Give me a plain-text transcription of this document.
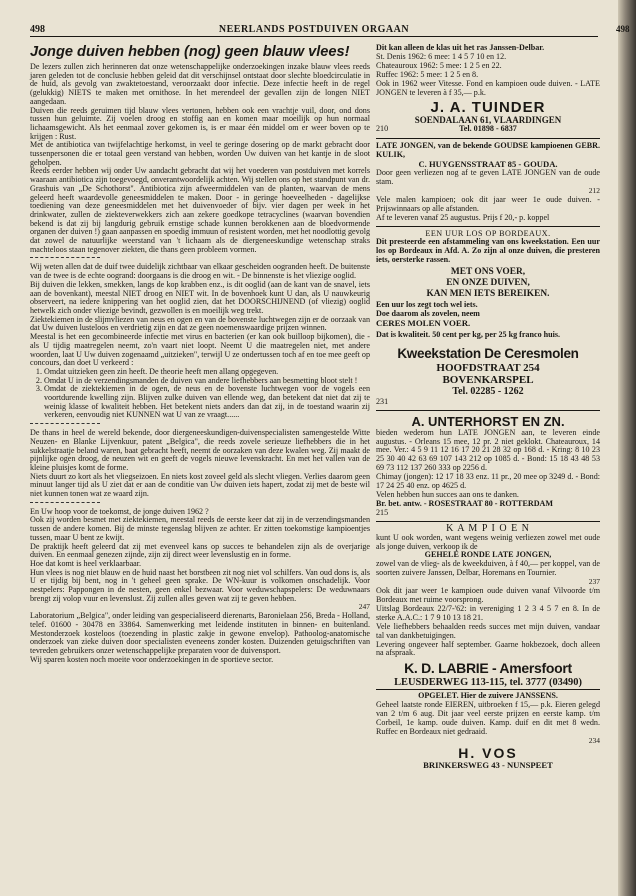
498	NEERLANDS POSTDUIVEN ORGAAN
Jonge duiven hebben (nog) geen blauw vlees!

De lezers zullen zich herinneren dat onze wetenschappelijke onderzoekingen inzake blauw vlees reeds jaren geleden tot de conclusie hebben geleid dat dit verschijnsel ontstaat door slechte bloedcirculatie in de huid, als gevolg van zwaktetoestand, veroorzaakt door infectie. Deze infectie heeft in de regel (gelukkig) NIETS te maken met ornithose. In het merendeel der gevallen zijn de longen NIET aangedaan.

Duiven die reeds geruimen tijd blauw vlees vertonen, hebben ook een vrachtje vuil, door, ond dons tussen hun geluimte. Zij voelen droog en stoffig aan en komen maar moeilijk op hun normaal lichaamsgewicht. Als het eenmaal zover gekomen is, is er maar één middel om er weer boven op te krijgen : Rust.

Met de antibiotica van twijfelachtige herkomst, in veel te geringe dosering op de markt gebracht door tussenpersonen die er totaal geen verstand van hebben, worden Uw duiven van het kantje in de sloot geholpen.

Reeds eerder hebben wij onder Uw aandacht gebracht dat wij het voederen van postduiven met korrels waaraan antibiotica zijn toegevoegd, onverantwoordelijk achten. Wij stellen ons op het standpunt van dr. Grashuis van „De Schothorst". Antibiotica zijn afweermiddelen van de planten, waarvan de mens geleerd heeft waardevolle geneesmiddelen te maken. Door - in geringe hoeveelheden - dagelijkse toediening van deze geneesmiddelen met het duivenvoeder of bijv. vier dagen per week in het drinkwater, zullen de ziekteverwekkers zich aan zekere goedkope tetracyclines (waarvan bovendien bekend is dat zij bij langdurig gebruik ernstige schade kunnen berokkenen aan de bloedvormende organen der duiven !) gaan aanpassen en spoedig immuun of resistent worden, met het noodlottig gevolg dat zowel de natuurlijke weerstand van 't lichaam als de diergeneeskundige wetenschap straks machteloos staan tegenover ziekten, die thans geen probleem vormen.

Wij weten allen dat de duif twee duidelijk zichtbaar van elkaar gescheiden oogranden heeft. De buitenste van de twee is de echte oogrand: doorgaans is die droog en wit. - De binnenste is het vliezige ooglid.

Bij duiven die lekken, smekken, langs de kop krabben enz., is dit ooglid (aan de kant van de snavel, iets aan de bovenkant), meestal NIET droog en NIET wit. In de bovenhoek kunt U dan, als U nauwkeurig observeert, na iedere knippering van het ooglid zien, dat het DOORSCHIJNEND (of vliezig) ooglid hetwelk zich onder vliezige bevindt, gezwollen is en moeilijk weg trekt.

Ziektekiemen in de slijmvliezen van neus en ogen en van de bovenste luchtwegen zijn er de oorzaak van dat Uw duiven lusteloos en verdrietig zijn en dat ze geen noemenswaardige prijzen winnen.

Meestal is het een gecombineerde infectie met virus en bacterien (er kan ook builloop bijkomen), die - als U tijdig maatregelen neemt, zo'n vaart niet loopt. Neemt U die maatregelen niet, met andere woorden, laat U Uw duiven zogenaamd „uitzieken", terwijl U ze ondertussen toch af en toe mee geeft op concours, dan doet U verkeerd :

1. Omdat uitzieken geen zin heeft. De theorie heeft men allang opgegeven.
2. Omdat U in de verzendingsmanden de duiven van andere liefhebbers aan besmetting bloot stelt !
3. Omdat de ziektekiemen in de ogen, de neus en de bovenste luchtwegen voor de vogels een voortdurende kwelling zijn. Blijven zulke duiven van ellende weg, dan betekent dat niet dat zij te weinig klasse of kwaliteit hebben. Het betekent niets anders dan dat zij, in de toestand waarin zij verkeren, eenvoudig niet KUNNEN wat U van ze vraagt......

De thans in heel de wereld bekende, door diergeneeskundigen-duivenspecialisten samengestelde Witte Neuzen- en Blanke Lijvenkuur, patent „Belgica", die reeds zovele serieuze liefhebbers die in het sukkelstraatje beland waren, baat gebracht heeft, neemt de oorzaken van deze kwalen weg. Zij maakt de pijnlijke ogen droog, de neuzen wit en geeft de vogels nieuwe levenskracht. En met het vallen van de kleine pluisjes komt de forme.

Niets duurt zo kort als het vliegseizoen. En niets kost zoveel geld als slecht vliegen. Verlies daarom geen minuut langer tijd als U ziet dat er aan de conditie van Uw duiven iets hapert, zodat zij met de beste wil niet kunnen tonen wat ze waard zijn.

En Uw hoop voor de toekomst, de jonge duiven 1962 ?

Ook zij worden besmet met ziektekiemen, meestal reeds de eerste keer dat zij in de verzendingsmanden tussen de andere komen. Bij de minste tegenslag blijven ze achter. Er zitten toekomstige kampioentjes tussen, maar U bent ze kwijt.

De praktijk heeft geleerd dat zij met evenveel kans op succes te behandelen zijn als de overjarige duiven. En eenmaal genezen zijnde, zijn zij direct weer levenslustig en in forme.

Hoe dat komt is heel verklaarbaar.

Hun vlees is nog niet blauw en de huid naast het borstbeen zit nog niet vol schilfers. Van oud dons is, als U er tijdig bij bent, nog in 't geheel geen sprake. De WN-kuur is volkomen onschadelijk. Voor nestpelers: Pappongen in de nesten, geen enkel bezwaar. Voor weduwschapspelers: De weduwnaars brengt zij volop vuur en levenslust. Zij zullen alles geven wat zij te geven hebben.

247

Laboratorium „Belgica", onder leiding van gespecialiseerd dierenarts, Baronielaan 256, Breda - Holland, telef. 01600 - 30478 en 33864. Samenwerking met leidende instituten in binnen- en buitenland. Mestonderzoek kosteloos (toezending in plastic zakje in gewone envelop). Pathoolog-anatomische onderzoek van zieke duiven door specialisten eveneens zonder kosten. Duizenden getuigschriften van tevreden gebruikers onzer wetenschappelijke preparaten voor de duivensport.

Wij sparen kosten noch moeite voor onderzoekingen in de sportieve sector.

Dit kan alleen de klas uit het ras Janssen-Delbar.

St. Denis 1962: 6 mee: 1 4 5 7 10 en 12.

Chateauroux 1962: 5 mee: 1 2 5 en 22.

Ruffec 1962: 5 mee: 1 2 5 en 8.

Ook in 1962 weer Vitesse. Fond en kampioen oude duiven. - LATE JONGEN te leveren à f 35,— p.k.

J. A. TUINDER
SOENDALAAN 61, VLAARDINGEN
210	Tel. 01898 - 6837

LATE JONGEN, van de bekende GOUDSE kampioenen GEBR. KULIK,

C. HUYGENSSTRAAT 85 - GOUDA.

Door geen verliezen nog af te geven LATE JONGEN van de oude stam.

212

Vele malen kampioen; ook dit jaar weer 1e oude duiven. - Prijswinnaars op alle afstanden.

Af te leveren vanaf 25 augustus. Prijs f 20,- p. koppel

EEN UUR LOS OP BORDEAUX.

Dit presteerde een afstammeling van ons kweekstation. Een uur los op Bordeaux in Afd. A. Zo zijn al onze duiven, die presteren iets, oersterke rassen.

MET ONS VOER,
EN ONZE DUIVEN,
KAN MEN IETS BEREIKEN.

Een uur los zegt toch wel iets.

Doe daarom als zovelen, neem

CERES MOLEN VOER.

Dat is kwaliteit. 50 cent per kg, per 25 kg franco huis.

Kweekstation De Ceresmolen
HOOFDSTRAAT 254
BOVENKARSPEL
Tel. 02285 - 1262
231
A. UNTERHORST EN ZN.

bieden wederom hun LATE JONGEN aan, te leveren einde augustus. - Orleans 15 mee, 12 pr. 2 niet geklokt. Chateauroux, 14 mee. Ver.: 4 5 9 11 12 16 17 20 21 28 32 op 168 d. - Kring: 8 10 23 25 30 40 42 63 69 107 143 212 op 1085 d. - Bond: 15 18 43 48 53 69 73 112 137 260 333 op 2256 d.

Chimay (jongen): 12 17 18 33 enz. 11 pr., 20 mee op 3249 d. - Bond: 17 24 25 40 enz. op 4625 d.

Velen hebben hun succes aan ons te danken.

Br. bet. antw. - ROSESTRAAT 80 - ROTTERDAM

215
K A M P I O E N

kunt U ook worden, want wegens weinig verliezen zowel met oude als jonge duiven, verkoop ik de

GEHELE RONDE LATE JONGEN,

zowel van de vlieg- als de kweekduiven, à f 40,— per koppel, van de soorten zuivere Janssen, Delbar, Horemans en Tournier.

237

Ook dit jaar weer 1e kampioen oude duiven vanaf Vilvoorde t/m Bordeaux met ruime voorsprong.

Uitslag Bordeaux 22/7-'62: in vereniging 1 2 3 4 5 7 en 8. In de sterke A.A.C.: 1 7 9 10 13 18 21.

Vele liefhebbers behaalden reeds succes met mijn duiven, vandaar tal van dankbetuigingen.

Levering ongeveer half september. Gaarne hokbezoek, doch alleen na afspraak.

K. D. LABRIE - Amersfoort
LEUSDERWEG 113-115, tel. 3777 (03490)
OPGELET. Hier de zuivere JANSSENS.

Geheel laatste ronde EIEREN, uitbroeken f 15,— p.k. Eieren gelegd van 2 t/m 6 aug. Dit jaar veel eerste prijzen en eerste kamp. t/m Corbeil, 1e kamp. oude duiven. Kamp. duif en dit met 8 wedn. Ruffec en Bordeaux niet gedraaid.

234
H. VOS
BRINKERSWEG 43 - NUNSPEET
498
